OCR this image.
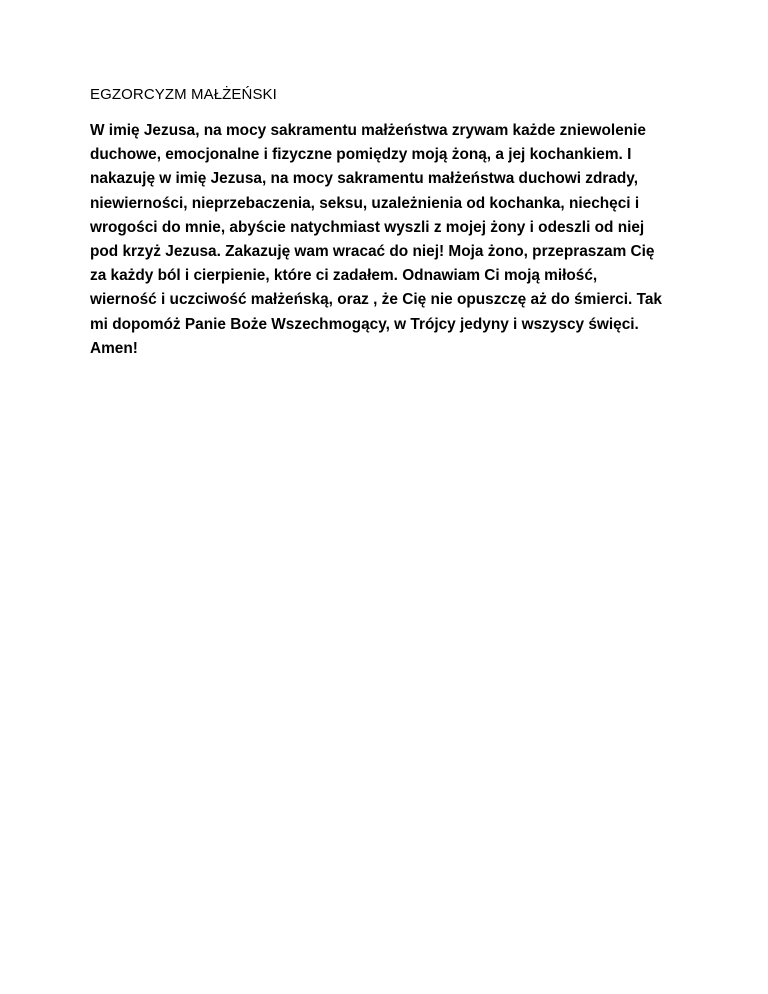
EGZORCYZM MAŁŻEŃSKI
W imię Jezusa, na mocy sakramentu małżeństwa zrywam każde zniewolenie
duchowe, emocjonalne i fizyczne pomiędzy moją żoną, a jej kochankiem. I
nakazuję w imię Jezusa, na mocy sakramentu małżeństwa duchowi zdrady,
niewierności, nieprzebaczenia, seksu, uzależnienia od kochanka, niechęci i
wrogości do mnie, abyście natychmiast wyszli z mojej żony i odeszli od niej
pod krzyż Jezusa. Zakazuję wam wracać do niej! Moja żono, przepraszam Cię
za każdy ból i cierpienie, które ci zadałem. Odnawiam Ci moją miłość,
wierność i uczciwość małżeńską, oraz , że Cię nie opuszczę aż do śmierci. Tak
mi dopomóż Panie Boże Wszechmogący, w Trójcy jedyny i wszyscy święci.
Amen!
